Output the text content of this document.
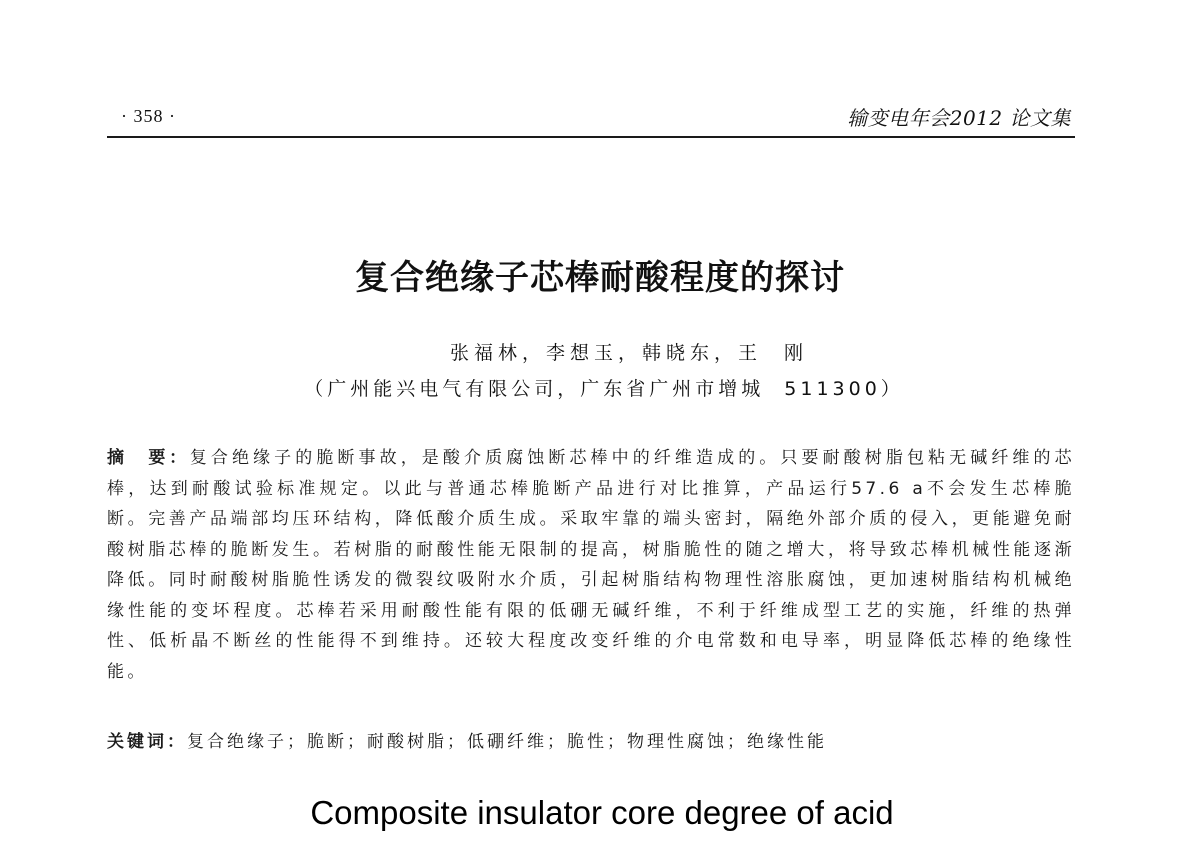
· 358 ·	输变电年会2012 论文集
复合绝缘子芯棒耐酸程度的探讨
张福林，李想玉，韩晓东，王  刚
（广州能兴电气有限公司，广东省广州市增城  511300）
摘　要：复合绝缘子的脆断事故，是酸介质腐蚀断芯棒中的纤维造成的。只要耐酸树脂包粘无碱纤维的芯棒，达到耐酸试验标准规定。以此与普通芯棒脆断产品进行对比推算，产品运行57.6 a不会发生芯棒脆断。完善产品端部均压环结构，降低酸介质生成。采取牢靠的端头密封，隔绝外部介质的侵入，更能避免耐酸树脂芯棒的脆断发生。若树脂的耐酸性能无限制的提高，树脂脆性的随之增大，将导致芯棒机械性能逐渐降低。同时耐酸树脂脆性诱发的微裂纹吸附水介质，引起树脂结构物理性溶胀腐蚀，更加速树脂结构机械绝缘性能的变坏程度。芯棒若采用耐酸性能有限的低硼无碱纤维，不利于纤维成型工艺的实施，纤维的热弹性、低析晶不断丝的性能得不到维持。还较大程度改变纤维的介电常数和电导率，明显降低芯棒的绝缘性能。
关键词：复合绝缘子；脆断；耐酸树脂；低硼纤维；脆性；物理性腐蚀；绝缘性能
Composite insulator core degree of acid
